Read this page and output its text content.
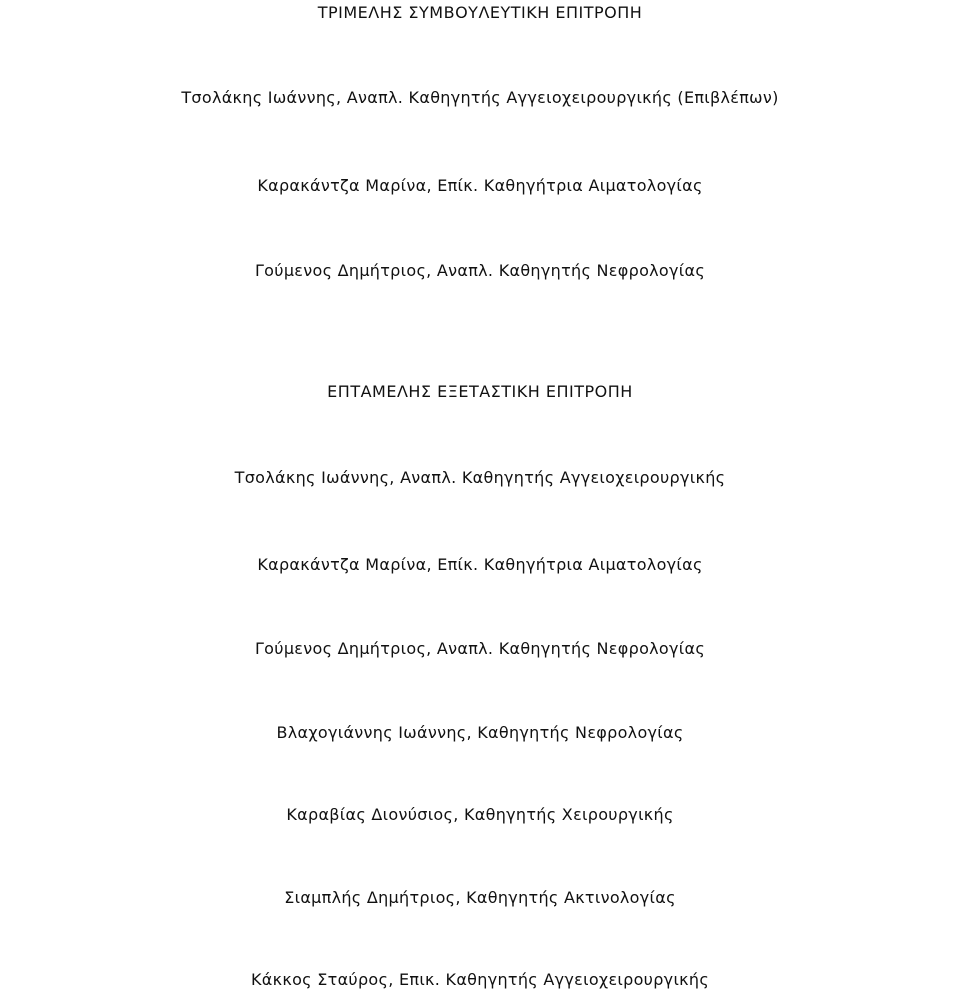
ΤΡΙΜΕΛΗΣ ΣΥΜΒΟΥΛΕΥΤΙΚΗ ΕΠΙΤΡΟΠΗ
Τσολάκης Ιωάννης, Αναπλ. Καθηγητής Αγγειοχειρουργικής (Επιβλέπων)
Καρακάντζα Μαρίνα, Επίκ. Καθηγήτρια Αιματολογίας
Γούμενος Δημήτριος, Αναπλ. Καθηγητής Νεφρολογίας
ΕΠΤΑΜΕΛΗΣ ΕΞΕΤΑΣΤΙΚΗ ΕΠΙΤΡΟΠΗ
Τσολάκης Ιωάννης, Αναπλ. Καθηγητής Αγγειοχειρουργικής
Καρακάντζα Μαρίνα, Επίκ. Καθηγήτρια Αιματολογίας
Γούμενος Δημήτριος, Αναπλ. Καθηγητής Νεφρολογίας
Βλαχογιάννης Ιωάννης, Καθηγητής Νεφρολογίας
Καραβίας Διονύσιος, Καθηγητής Χειρουργικής
Σιαμπλής Δημήτριος, Καθηγητής Ακτινολογίας
Κάκκος Σταύρος, Επικ. Καθηγητής Αγγειοχειρουργικής
